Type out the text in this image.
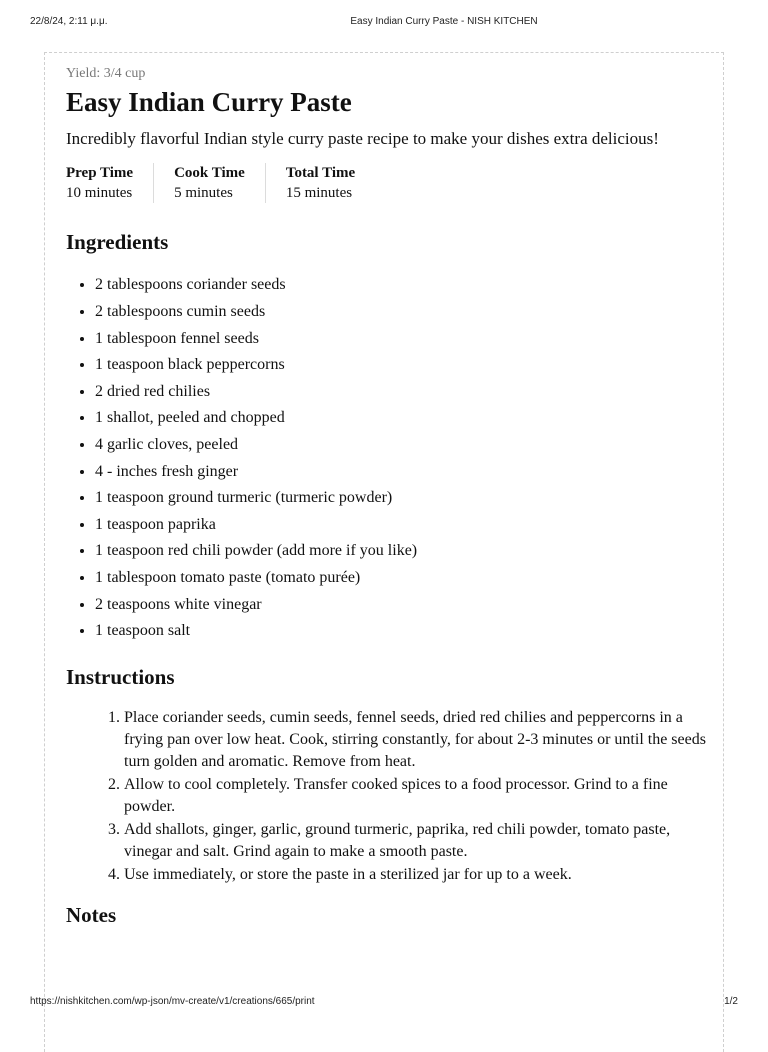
22/8/24, 2:11 μ.μ.	Easy Indian Curry Paste - NISH KITCHEN
Yield: 3/4 cup
Easy Indian Curry Paste
Incredibly flavorful Indian style curry paste recipe to make your dishes extra delicious!
Prep Time
10 minutes
Cook Time
5 minutes
Total Time
15 minutes
Ingredients
• 2 tablespoons coriander seeds
• 2 tablespoons cumin seeds
• 1 tablespoon fennel seeds
• 1 teaspoon black peppercorns
• 2 dried red chilies
• 1 shallot, peeled and chopped
• 4 garlic cloves, peeled
• 4 - inches fresh ginger
• 1 teaspoon ground turmeric (turmeric powder)
• 1 teaspoon paprika
• 1 teaspoon red chili powder (add more if you like)
• 1 tablespoon tomato paste (tomato purée)
• 2 teaspoons white vinegar
• 1 teaspoon salt
Instructions
1. Place coriander seeds, cumin seeds, fennel seeds, dried red chilies and peppercorns in a frying pan over low heat. Cook, stirring constantly, for about 2-3 minutes or until the seeds turn golden and aromatic. Remove from heat.
2. Allow to cool completely. Transfer cooked spices to a food processor. Grind to a fine powder.
3. Add shallots, ginger, garlic, ground turmeric, paprika, red chili powder, tomato paste, vinegar and salt. Grind again to make a smooth paste.
4. Use immediately, or store the paste in a sterilized jar for up to a week.
Notes
https://nishkitchen.com/wp-json/mv-create/v1/creations/665/print	1/2
